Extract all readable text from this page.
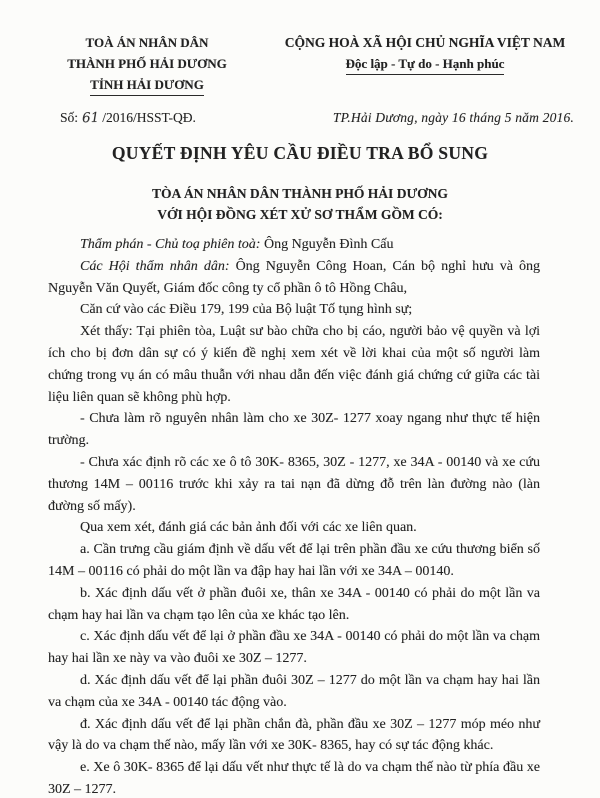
TOÀ ÁN NHÂN DÂN
THÀNH PHỐ HẢI DƯƠNG
TỈNH HẢI DƯƠNG
CỘNG HOÀ XÃ HỘI CHỦ NGHĨA VIỆT NAM
Độc lập - Tự do - Hạnh phúc
Số: 61 /2016/HSST-QĐ.	TP.Hải Dương, ngày 16 tháng 5 năm 2016.
QUYẾT ĐỊNH YÊU CẦU ĐIỀU TRA BỔ SUNG
TÒA ÁN NHÂN DÂN THÀNH PHỐ HẢI DƯƠNG
VỚI HỘI ĐỒNG XÉT XỬ SƠ THẨM GỒM CÓ:

Thẩm phán - Chủ toạ phiên toà: Ông Nguyễn Đình Cấu

Các Hội thẩm nhân dân: Ông Nguyễn Công Hoan, Cán bộ nghỉ hưu và ông Nguyễn Văn Quyết, Giám đốc công ty cổ phần ô tô Hồng Châu,

Căn cứ vào các Điều 179, 199 của Bộ luật Tố tụng hình sự;

Xét thấy: Tại phiên tòa, Luật sư bào chữa cho bị cáo, người bảo vệ quyền và lợi ích cho bị đơn dân sự có ý kiến đề nghị xem xét về lời khai của một số người làm chứng trong vụ án có mâu thuẫn với nhau dẫn đến việc đánh giá chứng cứ giữa các tài liệu liên quan sẽ không phù hợp.

- Chưa làm rõ nguyên nhân làm cho xe 30Z- 1277 xoay ngang như thực tế hiện trường.

- Chưa xác định rõ các xe ô tô 30K- 8365, 30Z - 1277, xe 34A - 00140 và xe cứu thương 14M – 00116 trước khi xảy ra tai nạn đã dừng đỗ trên làn đường nào (làn đường số mấy).

Qua xem xét, đánh giá các bản ảnh đối với các xe liên quan.

a. Cần trưng cầu giám định về dấu vết để lại trên phần đầu xe cứu thương biển số 14M – 00116 có phải do một lần va đập hay hai lần với xe 34A – 00140.

b. Xác định dấu vết ở phần đuôi xe, thân xe 34A - 00140 có phải do một lần va chạm hay hai lần va chạm tạo lên của xe khác tạo lên.

c. Xác định dấu vết để lại ở phần đầu xe 34A - 00140 có phải do một lần va chạm hay hai lần xe này va vào đuôi xe 30Z – 1277.

d. Xác định dấu vết để lại phần đuôi 30Z – 1277 do một lần va chạm hay hai lần va chạm của xe 34A - 00140 tác động vào.

đ. Xác định dấu vết để lại phần chắn đà, phần đầu xe 30Z – 1277 móp méo như vậy là do va chạm thế nào, mấy lần với xe 30K- 8365, hay có sự tác động khác.

e. Xe ô 30K- 8365 để lại dấu vết như thực tế là do va chạm thế nào từ phía đầu xe 30Z – 1277.
